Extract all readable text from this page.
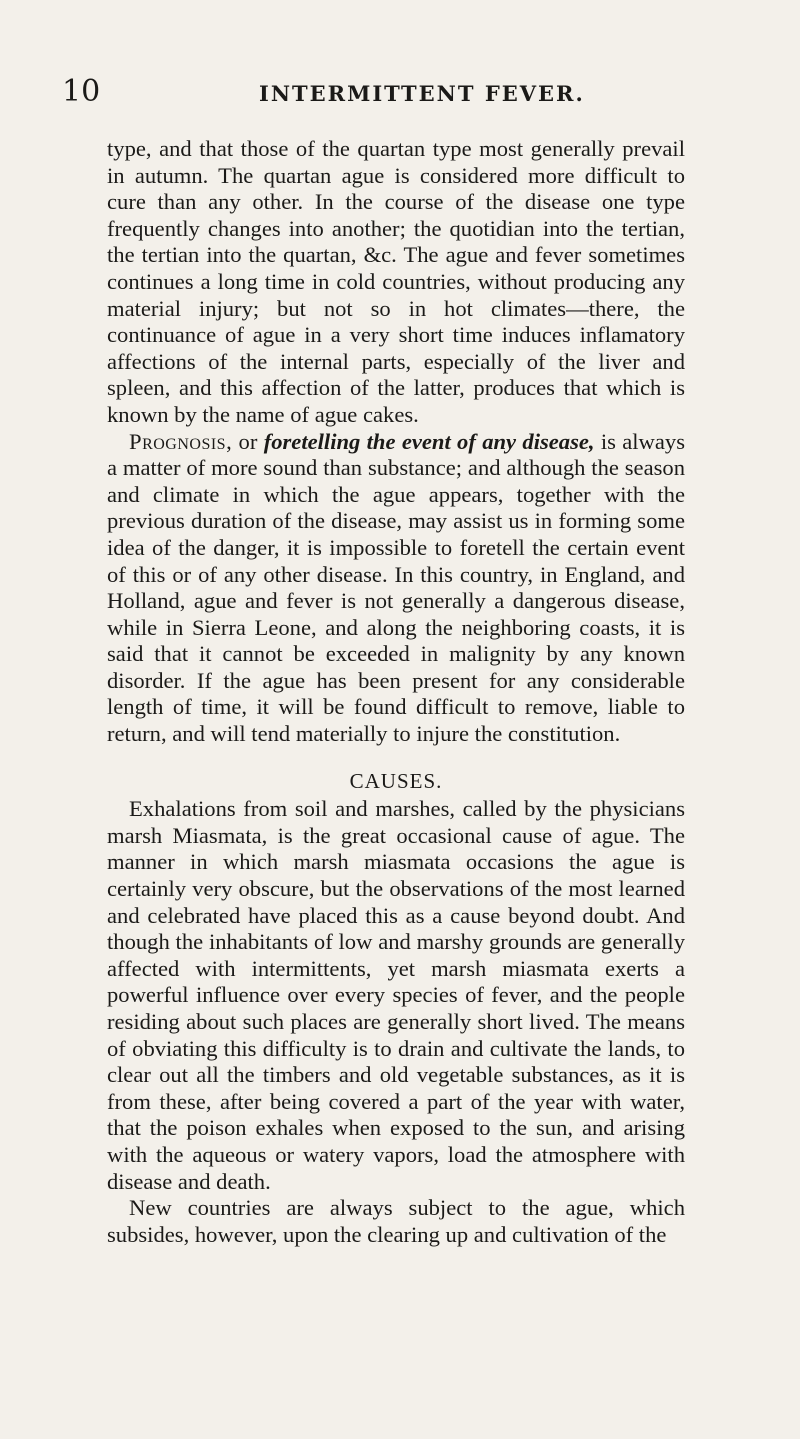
10	INTERMITTENT FEVER.

type, and that those of the quartan type most generally prevail in autumn. The quartan ague is considered more difficult to cure than any other. In the course of the disease one type frequently changes into another; the quotidian into the tertian, the tertian into the quartan, &c. The ague and fever sometimes continues a long time in cold countries, without producing any material injury; but not so in hot climates—there, the continuance of ague in a very short time induces inflamatory affections of the internal parts, especially of the liver and spleen, and this affection of the latter, produces that which is known by the name of ague cakes.

Prognosis, or foretelling the event of any disease, is always a matter of more sound than substance; and although the season and climate in which the ague appears, together with the previous duration of the disease, may assist us in forming some idea of the danger, it is impossible to foretell the certain event of this or of any other disease. In this country, in England, and Holland, ague and fever is not generally a dangerous disease, while in Sierra Leone, and along the neighboring coasts, it is said that it cannot be exceeded in malignity by any known disorder. If the ague has been present for any considerable length of time, it will be found difficult to remove, liable to return, and will tend materially to injure the constitution.

CAUSES.

Exhalations from soil and marshes, called by the physicians marsh Miasmata, is the great occasional cause of ague. The manner in which marsh miasmata occasions the ague is certainly very obscure, but the observations of the most learned and celebrated have placed this as a cause beyond doubt. And though the inhabitants of low and marshy grounds are generally affected with intermittents, yet marsh miasmata exerts a powerful influence over every species of fever, and the people residing about such places are generally short lived. The means of obviating this difficulty is to drain and cultivate the lands, to clear out all the timbers and old vegetable substances, as it is from these, after being covered a part of the year with water, that the poison exhales when exposed to the sun, and arising with the aqueous or watery vapors, load the atmosphere with disease and death.

New countries are always subject to the ague, which subsides, however, upon the clearing up and cultivation of the
